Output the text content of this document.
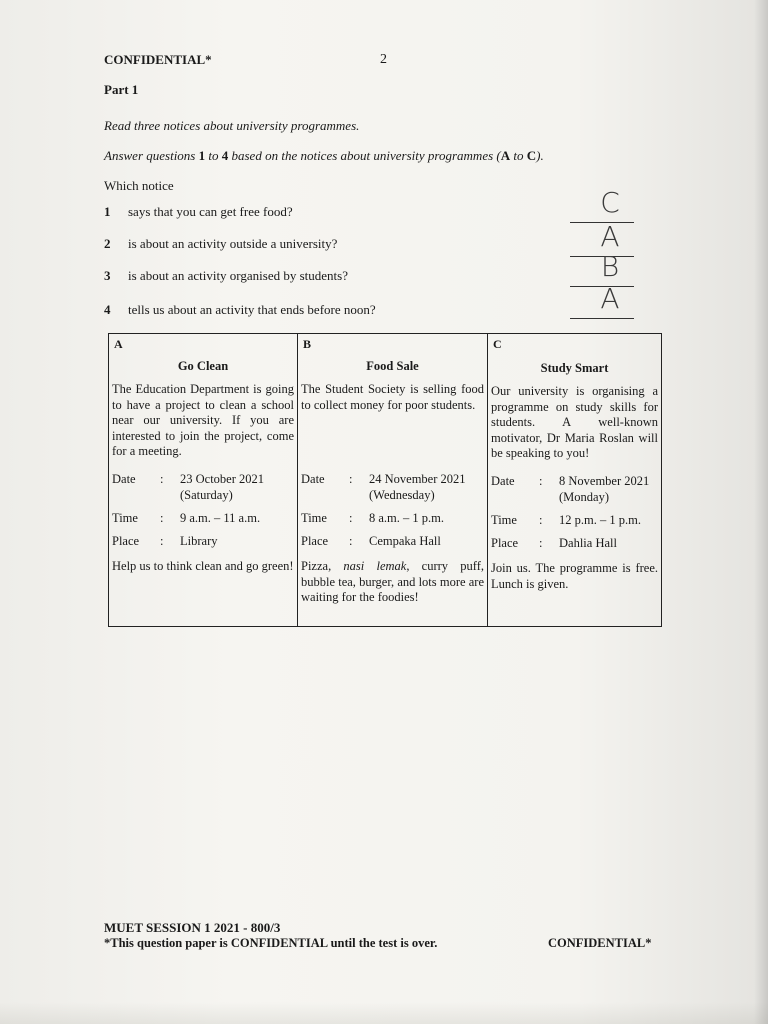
CONFIDENTIAL*	2
Part 1
Read three notices about university programmes.
Answer questions 1 to 4 based on the notices about university programmes (A to C).
Which notice
1 says that you can get free food?
2 is about an activity outside a university?
3 is about an activity organised by students?
4 tells us about an activity that ends before noon?
C
A
B
A
A
Go Clean
The Education Department is going to have a project to clean a school near our university. If you are interested to join the project, come for a meeting.
Date : 23 October 2021
(Saturday)
Time : 9 a.m. – 11 a.m.
Place : Library
Help us to think clean and go green!
B
Food Sale
The Student Society is selling food to collect money for poor students.
Date : 24 November 2021
(Wednesday)
Time : 8 a.m. – 1 p.m.
Place : Cempaka Hall
Pizza, nasi lemak, curry puff, bubble tea, burger, and lots more are waiting for the foodies!
C
Study Smart
Our university is organising a programme on study skills for students. A well-known motivator, Dr Maria Roslan will be speaking to you!
Date : 8 November 2021
(Monday)
Time : 12 p.m. – 1 p.m.
Place : Dahlia Hall
Join us. The programme is free. Lunch is given.
MUET SESSION 1 2021 - 800/3
*This question paper is CONFIDENTIAL until the test is over.	CONFIDENTIAL*
